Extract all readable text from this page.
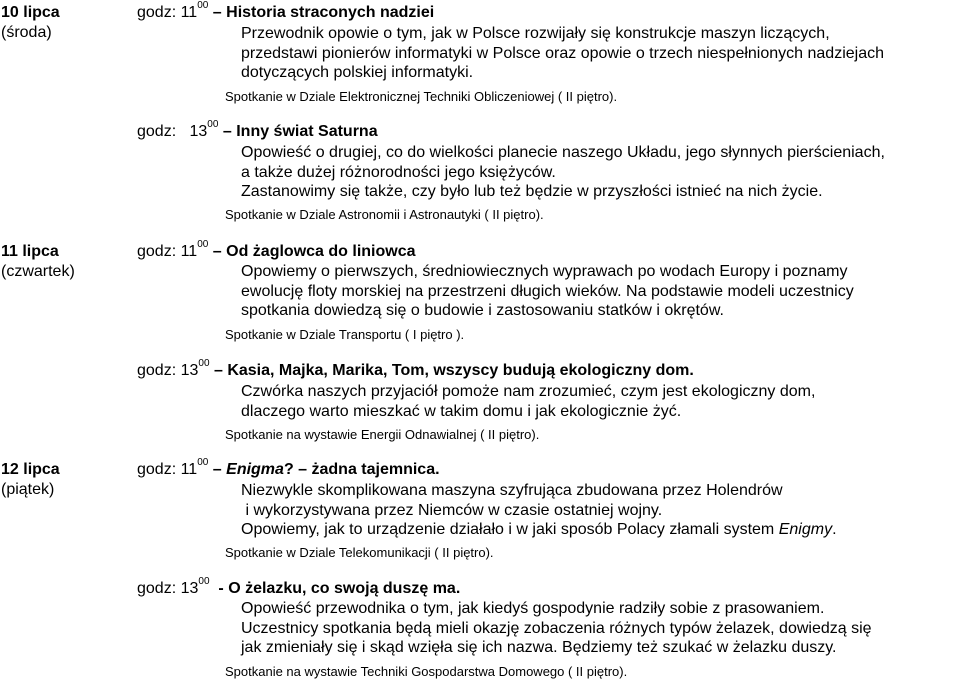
10 lipca
(środa)
11 lipca
(czwartek)
12 lipca
(piątek)
godz: $11^{00}$ – Historia straconych nadziei
Przewodnik opowie o tym, jak w Polsce rozwijały się konstrukcje maszyn liczących,
przedstawi pionierów informatyki w Polsce oraz opowie o trzech niespełnionych nadziejach
dotyczących polskiej informatyki.
Spotkanie w Dziale Elektronicznej Techniki Obliczeniowej ( II piętro).
godz: $13^{00}$ – Inny świat Saturna
Opowieść o drugiej, co do wielkości planecie naszego Układu, jego słynnych pierścieniach,
a także dużej różnorodności jego księżyców.
Zastanowimy się także, czy było lub też będzie w przyszłości istnieć na nich życie.
Spotkanie w Dziale Astronomii i Astronautyki ( II piętro).
godz: $11^{00}$ – Od żaglowca do liniowca
Opowiemy o pierwszych, średniowiecznych wyprawach po wodach Europy i poznamy
ewolucję floty morskiej na przestrzeni długich wieków. Na podstawie modeli uczestnicy
spotkania dowiedzą się o budowie i zastosowaniu statków i okrętów.
Spotkanie w Dziale Transportu ( I piętro ).
godz: $13^{00}$ – Kasia, Majka, Marika, Tom, wszyscy budują ekologiczny dom.
Czwórka naszych przyjaciół pomoże nam zrozumieć, czym jest ekologiczny dom,
dlaczego warto mieszkać w takim domu i jak ekologicznie żyć.
Spotkanie na wystawie Energii Odnawialnej ( II piętro).
godz: $11^{00}$ – Enigma? – żadna tajemnica.
Niezwykle skomplikowana maszyna szyfrująca zbudowana przez Holendrów
i wykorzystywana przez Niemców w czasie ostatniej wojny.
Opowiemy, jak to urządzenie działało i w jaki sposób Polacy złamali system Enigmy.
Spotkanie w Dziale Telekomunikacji ( II piętro).
godz: $13^{00}$ - O żelazku, co swoją duszę ma.
Opowieść przewodnika o tym, jak kiedyś gospodynie radziły sobie z prasowaniem.
Uczestnicy spotkania będą mieli okazję zobaczenia różnych typów żelazek, dowiedzą się
jak zmieniały się i skąd wzięła się ich nazwa. Będziemy też szukać w żelazku duszy.
Spotkanie na wystawie Techniki Gospodarstwa Domowego ( II piętro).
